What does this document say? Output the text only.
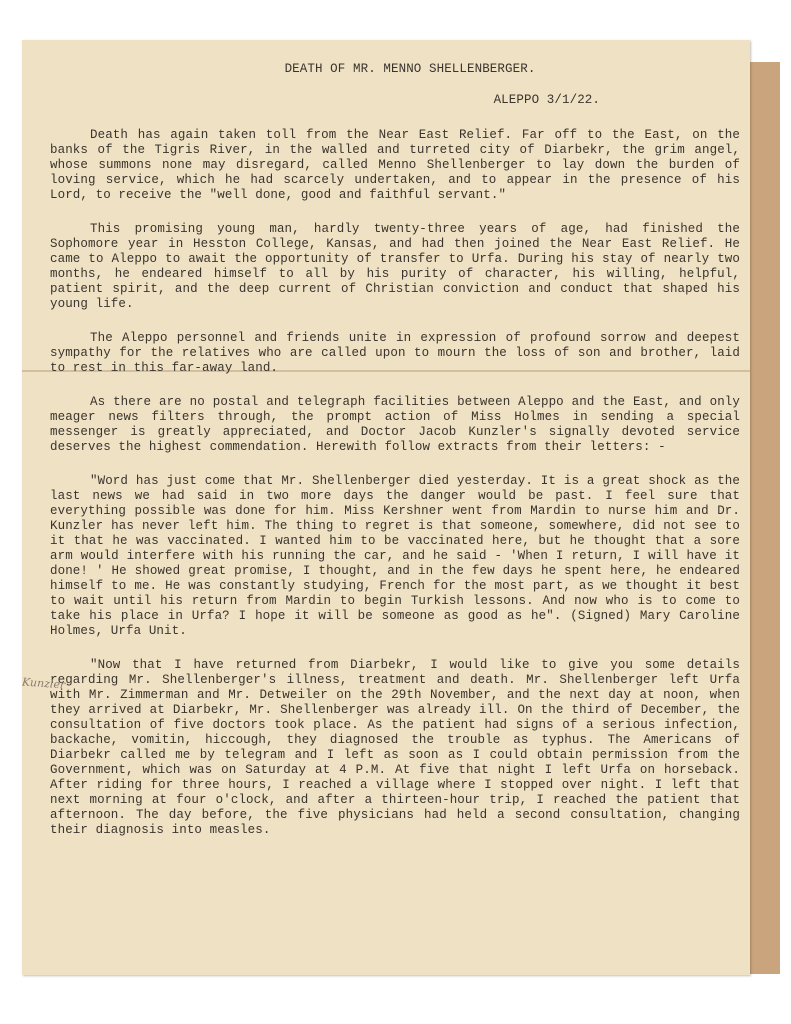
DEATH OF MR. MENNO SHELLENBERGER.
ALEPPO 3/1/22.

Death has again taken toll from the Near East Relief. Far off to the East, on the banks of the Tigris River, in the walled and turreted city of Diarbekr, the grim angel, whose summons none may disregard, called Menno Shellenberger to lay down the burden of loving service, which he had scarcely undertaken, and to appear in the presence of his Lord, to receive the "well done, good and faithful servant."

This promising young man, hardly twenty-three years of age, had finished the Sophomore year in Hesston College, Kansas, and had then joined the Near East Relief. He came to Aleppo to await the opportunity of transfer to Urfa. During his stay of nearly two months, he endeared himself to all by his purity of character, his willing, helpful, patient spirit, and the deep current of Christian conviction and conduct that shaped his young life.

The Aleppo personnel and friends unite in expression of profound sorrow and deepest sympathy for the relatives who are called upon to mourn the loss of son and brother, laid to rest in this far-away land.

As there are no postal and telegraph facilities between Aleppo and the East, and only meager news filters through, the prompt action of Miss Holmes in sending a special messenger is greatly appreciated, and Doctor Jacob Kunzler's signally devoted service deserves the highest commendation. Herewith follow extracts from their letters: -

"Word has just come that Mr. Shellenberger died yesterday. It is a great shock as the last news we had said in two more days the danger would be past. I feel sure that everything possible was done for him. Miss Kershner went from Mardin to nurse him and Dr. Kunzler has never left him. The thing to regret is that someone, somewhere, did not see to it that he was vaccinated. I wanted him to be vaccinated here, but he thought that a sore arm would interfere with his running the car, and he said - 'When I return, I will have it done! ' He showed great promise, I thought, and in the few days he spent here, he endeared himself to me. He was constantly studying, French for the most part, as we thought it best to wait until his return from Mardin to begin Turkish lessons. And now who is to come to take his place in Urfa? I hope it will be someone as good as he". (Signed) Mary Caroline Holmes, Urfa Unit.

"Now that I have returned from Diarbekr, I would like to give you some details regarding Mr. Shellenberger's illness, treatment and death. Mr. Shellenberger left Urfa with Mr. Zimmerman and Mr. Detweiler on the 29th November, and the next day at noon, when they arrived at Diarbekr, Mr. Shellenberger was already ill. On the third of December, the consultation of five doctors took place. As the patient had signs of a serious infection, backache, vomitin, hiccough, they diagnosed the trouble as typhus. The Americans of Diarbekr called me by telegram and I left as soon as I could obtain permission from the Government, which was on Saturday at 4 P.M. At five that night I left Urfa on horseback. After riding for three hours, I reached a village where I stopped over night. I left that next morning at four o'clock, and after a thirteen-hour trip, I reached the patient that afternoon. The day before, the five physicians had held a second consultation, changing their diagnosis into measles.

Kunzler
